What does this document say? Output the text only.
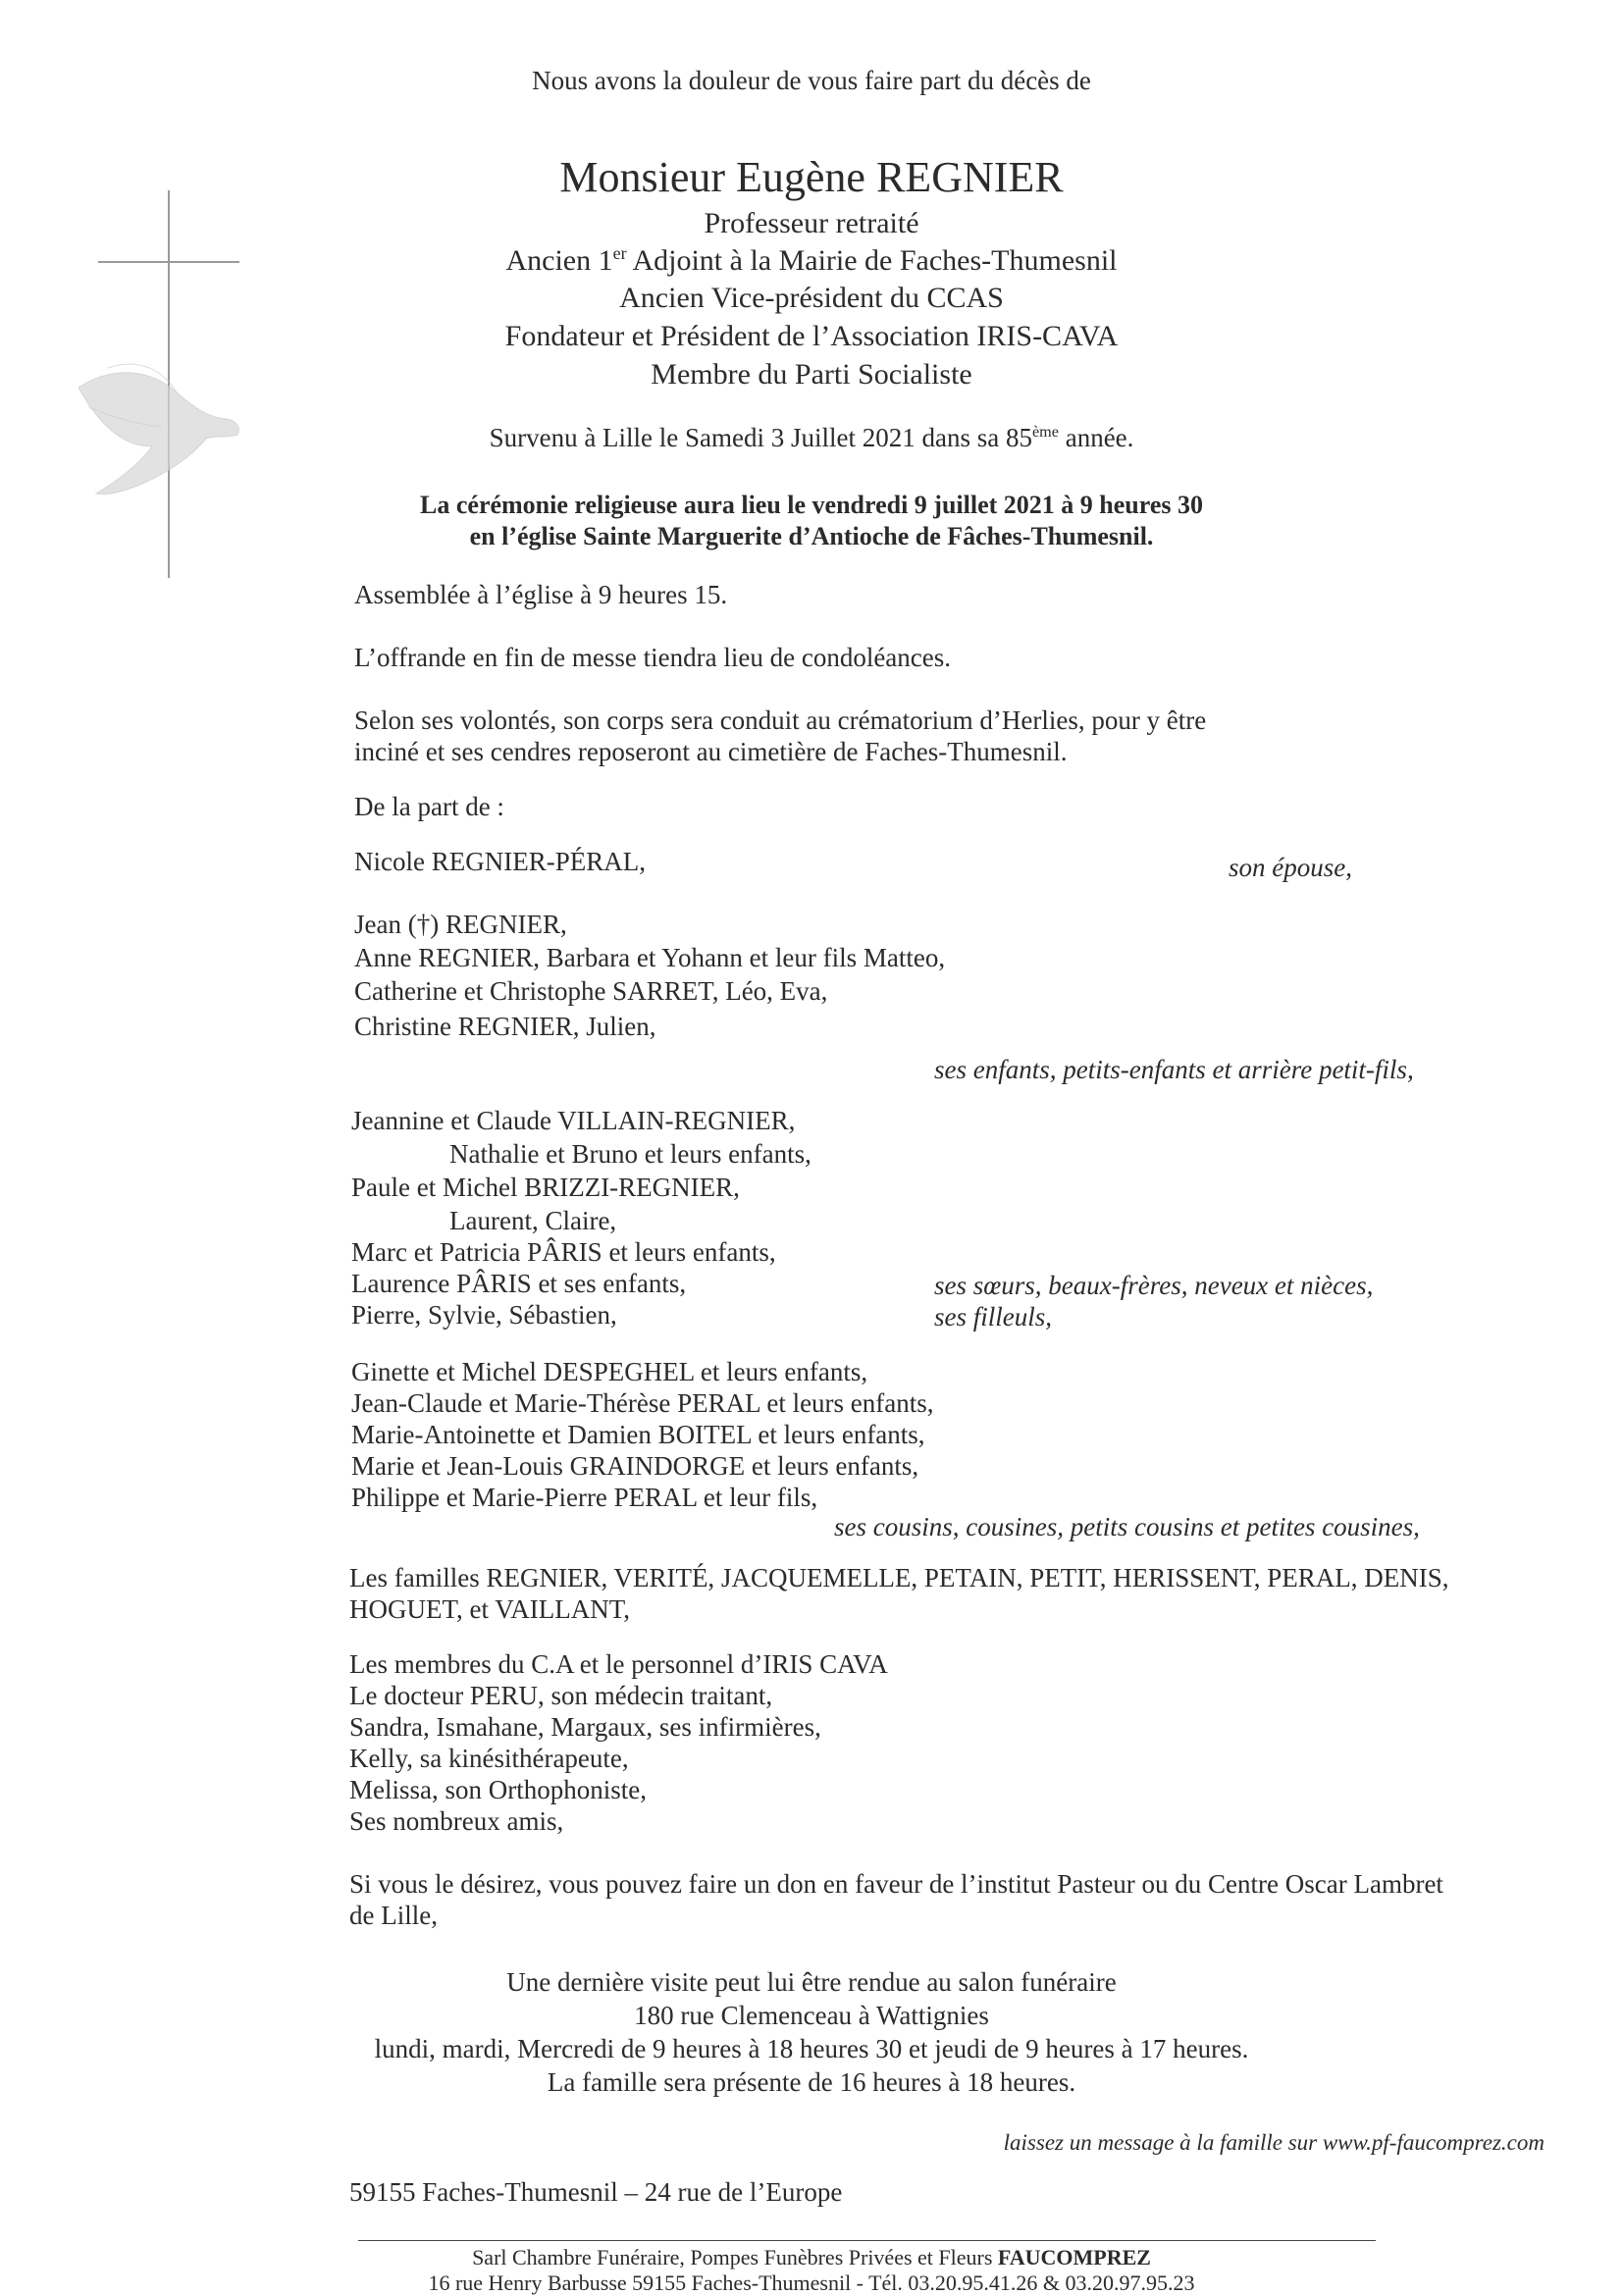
Nous avons la douleur de vous faire part du décès de
Monsieur Eugène REGNIER
Professeur retraité
Ancien 1er Adjoint à la Mairie de Faches-Thumesnil
Ancien Vice-président du CCAS
Fondateur et Président de l’Association IRIS-CAVA
Membre du Parti Socialiste
Survenu à Lille le Samedi 3 Juillet 2021 dans sa 85ème année.
La cérémonie religieuse aura lieu le vendredi 9 juillet 2021 à 9 heures 30
en l’église Sainte Marguerite d’Antioche de Fâches-Thumesnil.
Assemblée à l’église à 9 heures 15.
L’offrande en fin de messe tiendra lieu de condoléances.
Selon ses volontés, son corps sera conduit au crématorium d’Herlies, pour y être
inciné et ses cendres reposeront au cimetière de Faches-Thumesnil.
De la part de :
Nicole REGNIER-PÉRAL,	son épouse,
Jean (†) REGNIER,
Anne REGNIER, Barbara et Yohann et leur fils Matteo,
Catherine et Christophe SARRET, Léo, Eva,
Christine REGNIER, Julien,
ses enfants, petits-enfants et arrière petit-fils,
Jeannine et Claude VILLAIN-REGNIER,
Nathalie et Bruno et leurs enfants,
Paule et Michel BRIZZI-REGNIER,
Laurent, Claire,
Marc et Patricia PÂRIS et leurs enfants,
Laurence PÂRIS et ses enfants,
Pierre, Sylvie, Sébastien,
ses sœurs, beaux-frères, neveux et nièces,
ses filleuls,
Ginette et Michel DESPEGHEL et leurs enfants,
Jean-Claude et Marie-Thérèse PERAL et leurs enfants,
Marie-Antoinette et Damien BOITEL et leurs enfants,
Marie et Jean-Louis GRAINDORGE et leurs enfants,
Philippe et Marie-Pierre PERAL et leur fils,
ses cousins, cousines, petits cousins et petites cousines,
Les familles REGNIER, VERITÉ, JACQUEMELLE, PETAIN, PETIT, HERISSENT, PERAL, DENIS,
HOGUET, et VAILLANT,
Les membres du C.A et le personnel d’IRIS CAVA
Le docteur PERU, son médecin traitant,
Sandra, Ismahane, Margaux, ses infirmières,
Kelly, sa kinésithérapeute,
Melissa, son Orthophoniste,
Ses nombreux amis,
Si vous le désirez, vous pouvez faire un don en faveur de l’institut Pasteur ou du Centre Oscar Lambret
de Lille,
Une dernière visite peut lui être rendue au salon funéraire
180 rue Clemenceau à Wattignies
lundi, mardi, Mercredi de 9 heures à 18 heures 30 et jeudi de 9 heures à 17 heures.
La famille sera présente de 16 heures à 18 heures.
laissez un message à la famille sur www.pf-faucomprez.com
59155 Faches-Thumesnil – 24 rue de l’Europe
Sarl Chambre Funéraire, Pompes Funèbres Privées et Fleurs FAUCOMPREZ
16 rue Henry Barbusse 59155 Faches-Thumesnil - Tél. 03.20.95.41.26 & 03.20.97.95.23
